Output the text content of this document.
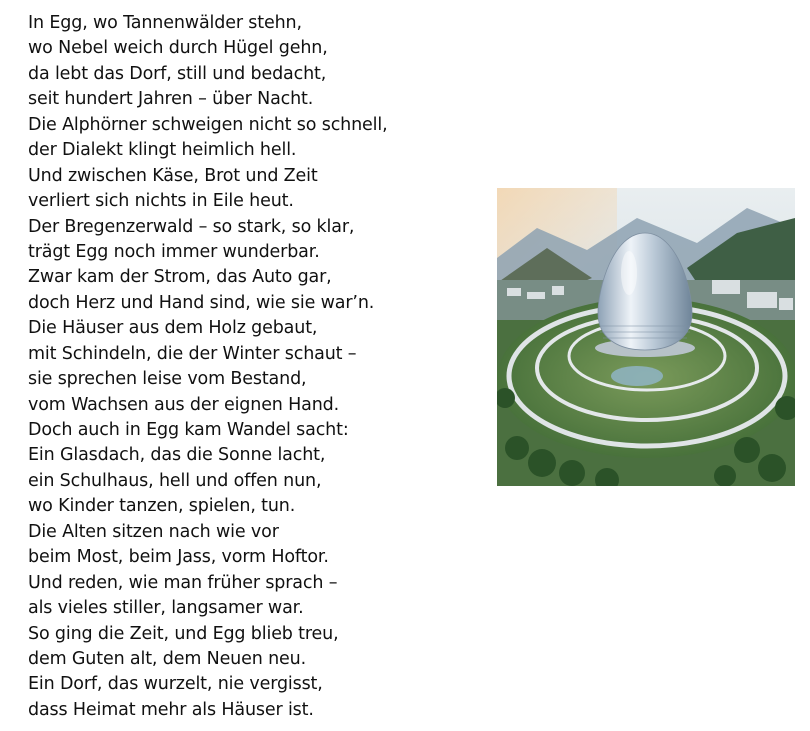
In Egg, wo Tannenwälder stehn,
wo Nebel weich durch Hügel gehn,
da lebt das Dorf, still und bedacht,
seit hundert Jahren – über Nacht.
Die Alphörner schweigen nicht so schnell,
der Dialekt klingt heimlich hell.
Und zwischen Käse, Brot und Zeit
verliert sich nichts in Eile heut.
Der Bregenzerwald – so stark, so klar,
trägt Egg noch immer wunderbar.
Zwar kam der Strom, das Auto gar,
doch Herz und Hand sind, wie sie war’n.
Die Häuser aus dem Holz gebaut,
mit Schindeln, die der Winter schaut –
sie sprechen leise vom Bestand,
vom Wachsen aus der eignen Hand.
Doch auch in Egg kam Wandel sacht:
Ein Glasdach, das die Sonne lacht,
ein Schulhaus, hell und offen nun,
wo Kinder tanzen, spielen, tun.
Die Alten sitzen nach wie vor
beim Most, beim Jass, vorm Hoftor.
Und reden, wie man früher sprach –
als vieles stiller, langsamer war.
So ging die Zeit, und Egg blieb treu,
dem Guten alt, dem Neuen neu.
Ein Dorf, das wurzelt, nie vergisst,
dass Heimat mehr als Häuser ist.
